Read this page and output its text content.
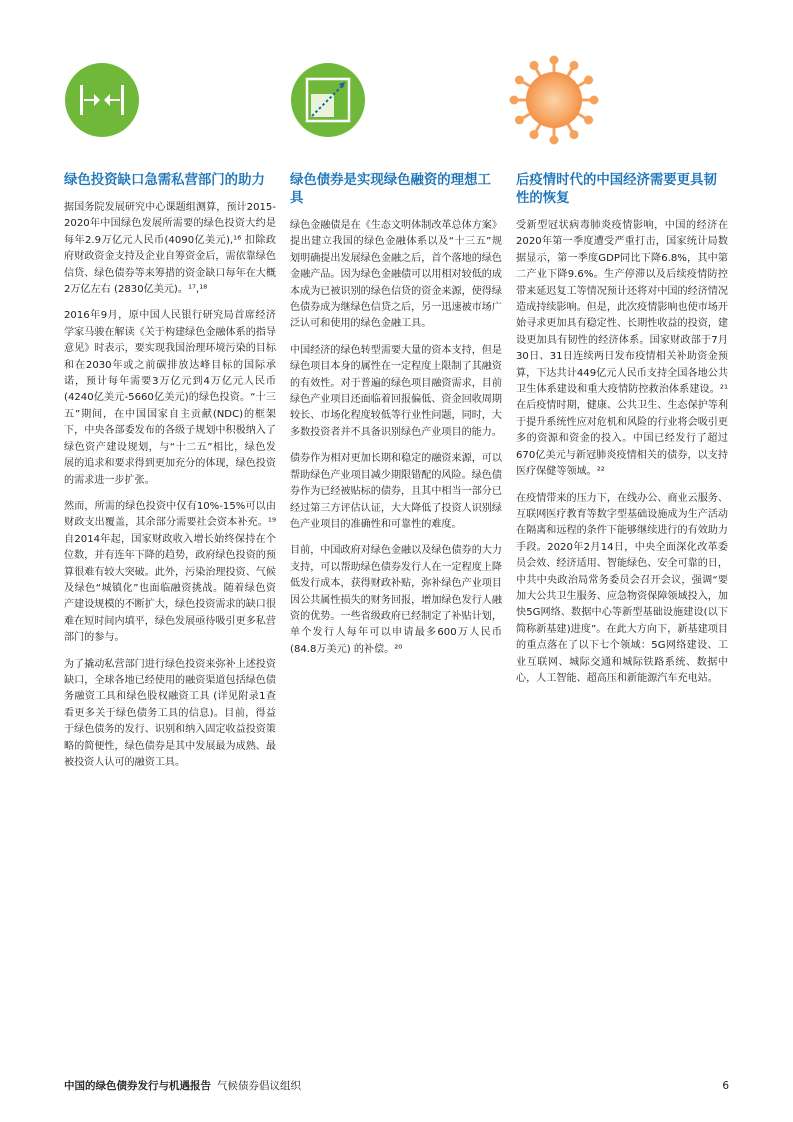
绿色投资缺口急需私营部门的助力

据国务院发展研究中心课题组测算，预计2015-2020年中国绿色发展所需要的绿色投资大约是每年2.9万亿元人民币(4090亿美元),¹⁶ 扣除政府财政资金支持及企业自筹资金后，需依靠绿色信贷、绿色债券等来筹措的资金缺口每年在大概2万亿左右 (2830亿美元)。¹⁷,¹⁸

2016年9月，原中国人民银行研究局首席经济学家马骏在解读《关于构建绿色金融体系的指导意见》时表示，要实现我国治理环境污染的目标和在2030年或之前碳排放达峰目标的国际承诺，预计每年需要3万亿元到4万亿元人民币 (4240亿美元-5660亿美元)的绿色投资。“十三五”期间，在中国国家自主贡献(NDC)的框架下，中央各部委发布的各级子规划中积极纳入了绿色资产建设规划，与“十二五”相比，绿色发展的追求和要求得到更加充分的体现，绿色投资的需求进一步扩张。

然而，所需的绿色投资中仅有10%-15%可以由财政支出覆盖，其余部分需要社会资本补充。¹⁹ 自2014年起，国家财政收入增长始终保持在个位数，并有连年下降的趋势，政府绿色投资的预算很难有较大突破。此外，污染治理投资、气候及绿色“城镇化”也面临融资挑战。随着绿色资产建设规模的不断扩大，绿色投资需求的缺口很难在短时间内填平，绿色发展亟待吸引更多私营部门的参与。

为了撬动私营部门进行绿色投资来弥补上述投资缺口，全球各地已经使用的融资渠道包括绿色债务融资工具和绿色股权融资工具 (详见附录1查看更多关于绿色债务工具的信息)。目前，得益于绿色债务的发行、识别和纳入固定收益投资策略的简便性，绿色债券是其中发展最为成熟、最被投资人认可的融资工具。

绿色债券是实现绿色融资的理想工具

绿色金融债是在《生态文明体制改革总体方案》提出建立我国的绿色金融体系以及“十三五”规划明确提出发展绿色金融之后，首个落地的绿色金融产品。因为绿色金融债可以用相对较低的成本成为已被识别的绿色信贷的资金来源，使得绿色债券成为继绿色信贷之后，另一迅速被市场广泛认可和使用的绿色金融工具。

中国经济的绿色转型需要大量的资本支持，但是绿色项目本身的属性在一定程度上限制了其融资的有效性。对于普遍的绿色项目融资需求，目前绿色产业项目还面临着回报偏低、资金回收周期较长、市场化程度较低等行业性问题，同时，大多数投资者并不具备识别绿色产业项目的能力。

债券作为相对更加长期和稳定的融资来源，可以帮助绿色产业项目减少期限错配的风险。绿色债券作为已经被贴标的债券，且其中相当一部分已经过第三方评估认证，大大降低了投资人识别绿色产业项目的准确性和可靠性的难度。

目前，中国政府对绿色金融以及绿色债券的大力支持，可以帮助绿色债券发行人在一定程度上降低发行成本，获得财政补贴，弥补绿色产业项目因公共属性损失的财务回报，增加绿色发行人融资的优势。一些省级政府已经制定了补贴计划，单个发行人每年可以申请最多600万人民币 (84.8万美元) 的补偿。²⁰

后疫情时代的中国经济需要更具韧性的恢复

受新型冠状病毒肺炎疫情影响，中国的经济在2020年第一季度遭受严重打击，国家统计局数据显示，第一季度GDP同比下降6.8%，其中第二产业下降9.6%。生产停滞以及后续疫情防控带来延迟复工等情况预计还将对中国的经济情况造成持续影响。但是，此次疫情影响也使市场开始寻求更加具有稳定性、长期性收益的投资，建设更加具有韧性的经济体系。国家财政部于7月30日、31日连续两日发布疫情相关补助资金预算，下达共计449亿元人民币支持全国各地公共卫生体系建设和重大疫情防控救治体系建设。²¹ 在后疫情时期，健康、公共卫生、生态保护等利于提升系统性应对危机和风险的行业将会吸引更多的资源和资金的投入。中国已经发行了超过670亿美元与新冠肺炎疫情相关的债券，以支持医疗保健等领域。²²

在疫情带来的压力下，在线办公、商业云服务、互联网医疗教育等数字型基础设施成为生产活动在隔离和远程的条件下能够继续进行的有效助力手段。2020年2月14日，中央全面深化改革委员会效、经济适用、智能绿色、安全可靠的日，中共中央政治局常务委员会召开会议，强调“要加大公共卫生服务、应急物资保障领域投入，加快5G网络、数据中心等新型基础设施建设(以下简称新基建)进度”。在此大方向下，新基建项目的重点落在了以下七个领域：5G网络建设、工业互联网、城际交通和城际铁路系统、数据中心，人工智能、超高压和新能源汽车充电站。

中国的绿色债券发行与机遇报告 气候债券倡议组织	6
